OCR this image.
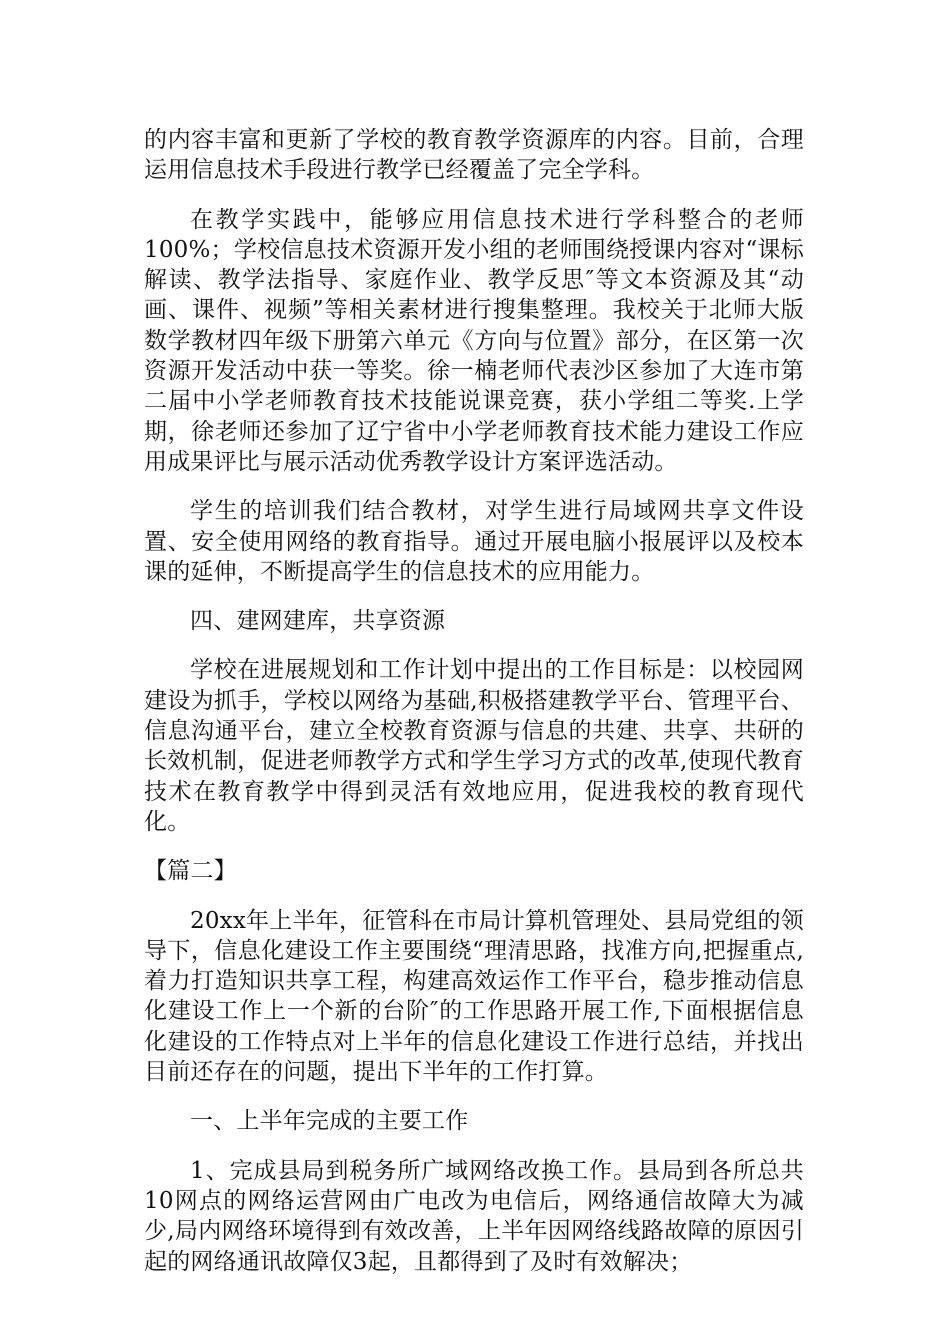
的内容丰富和更新了学校的教育教学资源库的内容。目前，合理运用信息技术手段进行教学已经覆盖了完全学科。

在教学实践中，能够应用信息技术进行学科整合的老师100%；学校信息技术资源开发小组的老师围绕授课内容对“课标解读、教学法指导、家庭作业、教学反思″等文本资源及其“动画、课件、视频”等相关素材进行搜集整理。我校关于北师大版数学教材四年级下册第六单元《方向与位置》部分，在区第一次资源开发活动中获一等奖。徐一楠老师代表沙区参加了大连市第二届中小学老师教育技术技能说课竞赛，获小学组二等奖.上学期，徐老师还参加了辽宁省中小学老师教育技术能力建设工作应用成果评比与展示活动优秀教学设计方案评选活动。

学生的培训我们结合教材，对学生进行局域网共享文件设置、安全使用网络的教育指导。通过开展电脑小报展评以及校本课的延伸，不断提高学生的信息技术的应用能力。

四、建网建库，共享资源

学校在进展规划和工作计划中提出的工作目标是：以校园网建设为抓手，学校以网络为基础,积极搭建教学平台、管理平台、信息沟通平台，建立全校教育资源与信息的共建、共享、共研的长效机制，促进老师教学方式和学生学习方式的改革,使现代教育技术在教育教学中得到灵活有效地应用，促进我校的教育现代化。

【篇二】

20xx年上半年，征管科在市局计算机管理处、县局党组的领导下，信息化建设工作主要围绕“理清思路，找准方向,把握重点,着力打造知识共享工程，构建高效运作工作平台，稳步推动信息化建设工作上一个新的台阶″的工作思路开展工作,下面根据信息化建设的工作特点对上半年的信息化建设工作进行总结，并找出目前还存在的问题，提出下半年的工作打算。

一、上半年完成的主要工作

1、完成县局到税务所广域网络改换工作。县局到各所总共10网点的网络运营网由广电改为电信后，网络通信故障大为减少,局内网络环境得到有效改善，上半年因网络线路故障的原因引起的网络通讯故障仅3起，且都得到了及时有效解决；
